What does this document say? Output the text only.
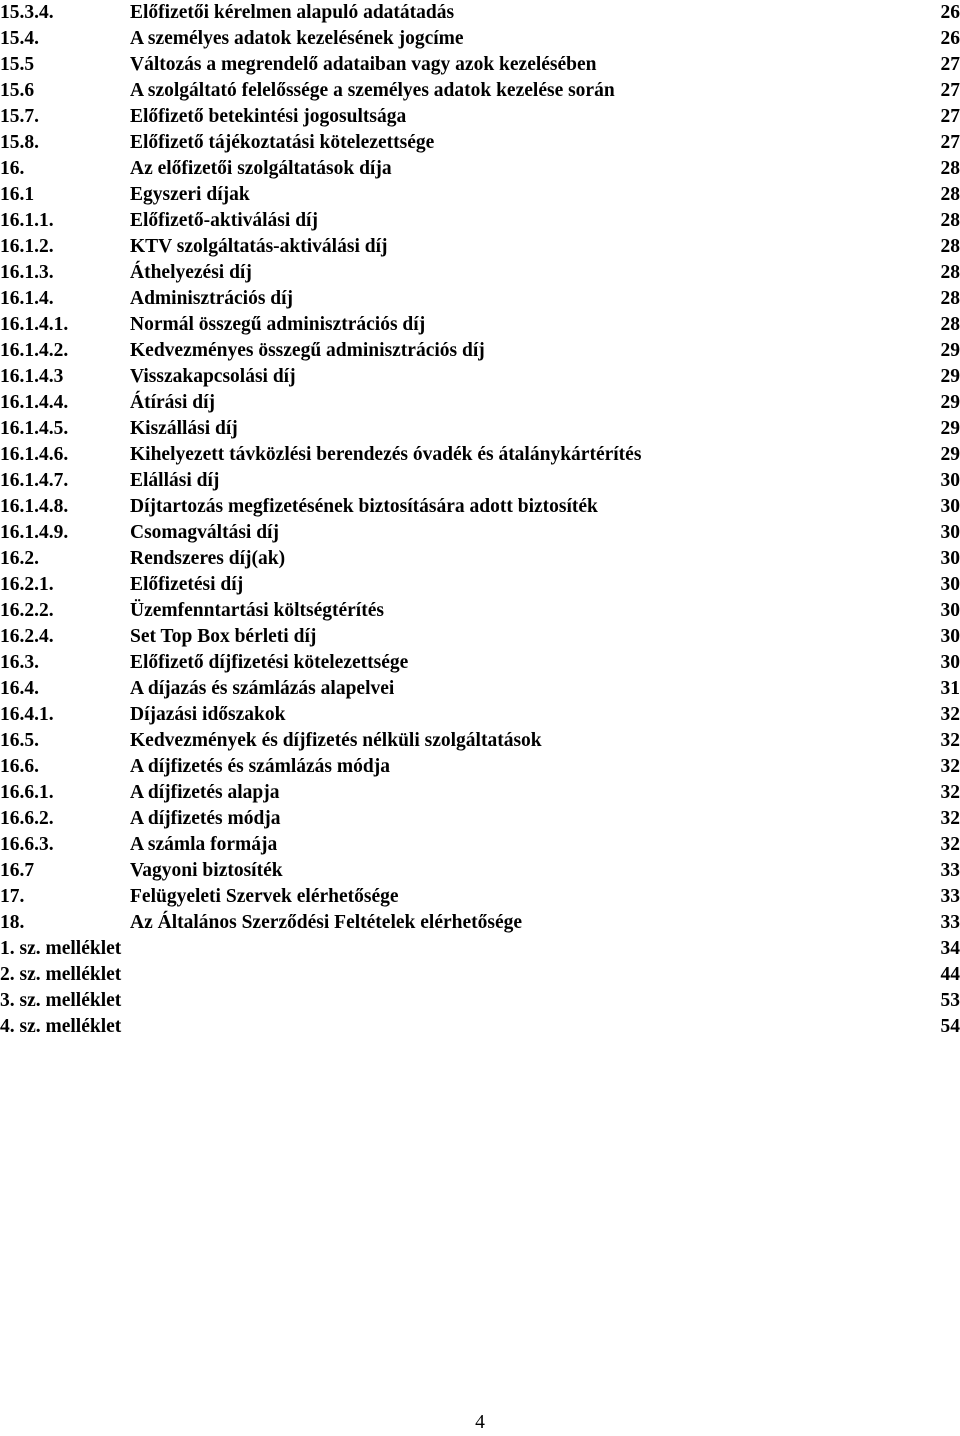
15.3.4.	Előfizetői kérelmen alapuló adatátadás	26
15.4.	A személyes adatok kezelésének jogcíme	26
15.5	Változás a megrendelő adataiban vagy azok kezelésében	27
15.6	A szolgáltató felelőssége a személyes adatok kezelése során	27
15.7.	Előfizető betekintési jogosultsága	27
15.8.	Előfizető tájékoztatási kötelezettsége	27
16.	Az előfizetői szolgáltatások díja	28
16.1	Egyszeri díjak	28
16.1.1.	Előfizető-aktiválási díj	28
16.1.2.	KTV szolgáltatás-aktiválási díj	28
16.1.3.	Áthelyezési díj	28
16.1.4.	Adminisztrációs díj	28
16.1.4.1.	Normál összegű adminisztrációs díj	28
16.1.4.2.	Kedvezményes összegű adminisztrációs díj	29
16.1.4.3	Visszakapcsolási díj	29
16.1.4.4.	Átírási díj	29
16.1.4.5.	Kiszállási díj	29
16.1.4.6.	Kihelyezett távközlési berendezés óvadék és átalánykártérítés	29
16.1.4.7.	Elállási díj	30
16.1.4.8.	Díjtartozás megfizetésének biztosítására adott biztosíték	30
16.1.4.9.	Csomagváltási díj	30
16.2.	Rendszeres díj(ak)	30
16.2.1.	Előfizetési díj	30
16.2.2.	Üzemfenntartási költségtérítés	30
16.2.4.	Set Top Box bérleti díj	30
16.3.	Előfizető díjfizetési kötelezettsége	30
16.4.	A díjazás és számlázás alapelvei	31
16.4.1.	Díjazási időszakok	32
16.5.	Kedvezmények és díjfizetés nélküli szolgáltatások	32
16.6.	A díjfizetés és számlázás módja	32
16.6.1.	A díjfizetés alapja	32
16.6.2.	A díjfizetés módja	32
16.6.3.	A számla formája	32
16.7	Vagyoni biztosíték	33
17.	Felügyeleti Szervek elérhetősége	33
18.	Az Általános Szerződési Feltételek elérhetősége	33
1. sz. melléklet	34
2. sz. melléklet	44
3. sz. melléklet	53
4. sz. melléklet	54
4
